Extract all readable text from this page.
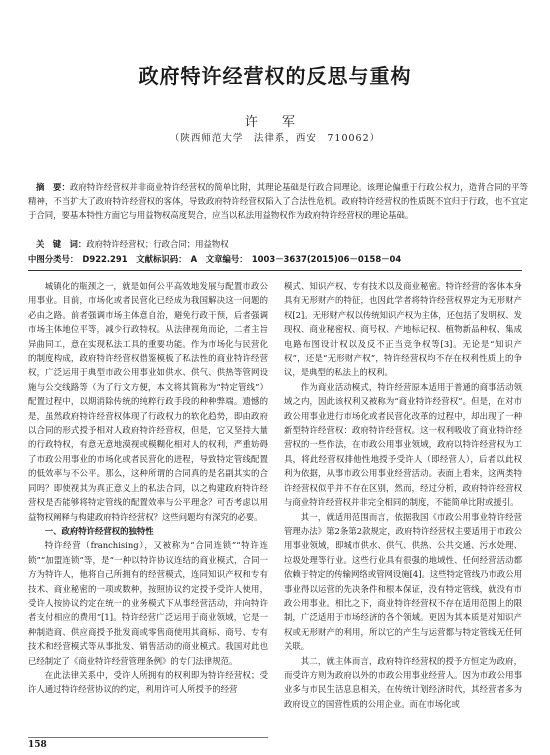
政府特许经营权的反思与重构
许 军
（陕西师范大学　法律系，西安　710062）

摘　要：政府特许经营权并非商业特许经营权的简单比附，其理论基础是行政合同理论。该理论偏重于行政公权力，造背合同的平等精神，不当扩大了政府特许经营权的客体，导致政府特许经营权陷入了合法性危机。政府特许经营权的性质既不宜归于行政，也不宜定于合同，要基本特性方面它与用益物权高度契合，应当以私法用益物权作为政府特许经营权的理论基础。

关　键　词：政府特许经营权；行政合同；用益物权
中图分类号：　D922.291 文献标识码：　A 文章编号：　1003－3637(2015)06－0158－04

城镇化的瓶颈之一，就是如何公平高效地发展与配置市政公用事业。目前，市场化或者民营化已经成为我国解决这一问题的必由之路。前者强调市场主体意自治，避免行政干预，后者强调市场主体地位平等，减少行政特权。从法律视角而论，二者主旨异曲同工，意在实现私法工具的重要功能。作为市场化与民营化的制度构成，政府特许经营权借鉴模板了私法性的商业特许经营权，广泛运用于典型市政公用事业如供水、供气、供热等管网设施与公交线路等（为了行文方便，本文将其简称为“特定管线”）配置过程中，以期消除传统的纯粹行政手段的种种弊端。遗憾的是，虽然政府特许经营权体现了行政权力的软化趋势，即由政府以合同的形式授予相对人政府特许经营权，但是，它又坚持大量的行政特权，有意无意地漠视或模糊化相对人的权利，严重妨碍了市政公用事业的市场化或者民营化的进程，导致特定管线配置的低效率与不公平。那么，这种所谓的合同真的是名副其实的合同吗？即使视其为真正意义上的私法合同，以之构建政府特许经营权是否能够将特定管线的配置效率与公平理念？可否考虑以用益物权阐释与构建政府特许经营权？这些问题均有深究的必要。

一、政府特许经营权的独特性

特许经营（franchising），又被称为“合同连锁”“特许连锁”“加盟连锁”等，是“一种以特许协议连结的商业模式，合同一方为特许人，他将自己所拥有的经营模式，连同知识产权和专有技术、商业秘密的一项或数种，按照协议约定授予受许人使用，受许人按协议约定在统一的业务模式下从事经营活动，并向特许者支付相应的费用”[1]。特许经营广泛运用于商业领域，它是一种制造商、供应商授予批发商或零售商使用其商标、商号、专有技术和经营模式等从事批发、销售活动的商业模式。我国对此也已经制定了《商业特许经营管理条例》的专门法律规范。

在此法律关系中，受许人所拥有的权利即为特许经营权；受许人通过特许经营协议的约定，利用许可人所授予的经营

模式、知识产权、专有技术以及商业秘密。特许经营的客体本身具有无形财产的特征，也因此学者将特许经营权界定为无形财产权[2]。无形财产权以传统知识产权为主体，还包括了发明权、发现权、商业秘密权、商号权、产地标记权、植物新品种权、集成电路布图设计权以及反不正当竞争权等[3]。无论是“知识产权”，还是“无形财产权”，特许经营权均不存在权利性质上的争议，是典型的私法上的权利。

作为商业活动模式，特许经营原本适用于普通的商事活动领域之内，因此该权利又被称为“商业特许经营权”。但是，在对市政公用事业进行市场化或者民营化改革的过程中，却出现了一种新型特许经营权：政府特许经营权。这一权利吸收了商业特许经营权的一些作法，在市政公用事业领域，政府以特许经营权为工具，将此经营权排他性地授予受许人（即经营人），后者以此权利为依据，从事市政公用事业经营活动。表面上看来，这两类特许经营权似乎并不存在区别，然而，经过分析，政府特许经营权与商业特许经营权并非完全相同的制度，不能简单比附或援引。

其一，就适用范围而言，依据我国《市政公用事业特许经营管理办法》第2条第2款规定，政府特许经营权主要适用于市政公用事业领域，即城市供水、供气、供热、公共交通、污水处理、垃圾处理等行业。这些行业具有很强的地域性、任何经营活动都依赖于特定的传输网络或管网设施[4]。这些特定管线乃市政公用事业得以运营的先决条件和根本保证，没有特定管线，就没有市政公用事业。相比之下，商业特许经营权不存在适用范围上的限制，广泛适用于市场经济的各个领域。更因为其本质是对知识产权或无形财产的利用，所以它的产生与运营都与特定管线无任何关联。

其二，就主体而言，政府特许经营权的授予方恒定为政府，而受许方则为政府以外的市政公用事业经营人。因为市政公用事业多与市民生活息息相关，在传统计划经济时代，其经营者多为政府设立的国营性质的公用企业。而在市场化或

158
